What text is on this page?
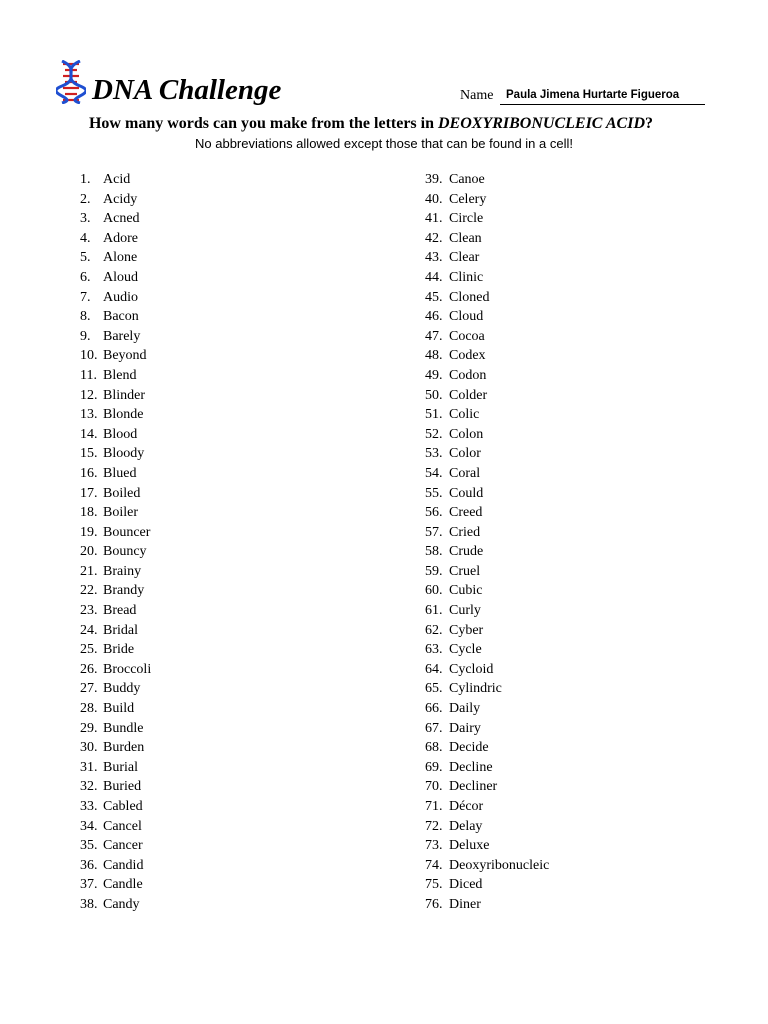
DNA Challenge	Name	Paula Jimena Hurtarte Figueroa
How many words can you make from the letters in DEOXYRIBONUCLEIC ACID?
No abbreviations allowed except those that can be found in a cell!
1. Acid
2. Acidy
3. Acned
4. Adore
5. Alone
6. Aloud
7. Audio
8. Bacon
9. Barely
10. Beyond
11. Blend
12. Blinder
13. Blonde
14. Blood
15. Bloody
16. Blued
17. Boiled
18. Boiler
19. Bouncer
20. Bouncy
21. Brainy
22. Brandy
23. Bread
24. Bridal
25. Bride
26. Broccoli
27. Buddy
28. Build
29. Bundle
30. Burden
31. Burial
32. Buried
33. Cabled
34. Cancel
35. Cancer
36. Candid
37. Candle
38. Candy
39. Canoe
40. Celery
41. Circle
42. Clean
43. Clear
44. Clinic
45. Cloned
46. Cloud
47. Cocoa
48. Codex
49. Codon
50. Colder
51. Colic
52. Colon
53. Color
54. Coral
55. Could
56. Creed
57. Cried
58. Crude
59. Cruel
60. Cubic
61. Curly
62. Cyber
63. Cycle
64. Cycloid
65. Cylindric
66. Daily
67. Dairy
68. Decide
69. Decline
70. Decliner
71. Décor
72. Delay
73. Deluxe
74. Deoxyribonucleic
75. Diced
76. Diner
